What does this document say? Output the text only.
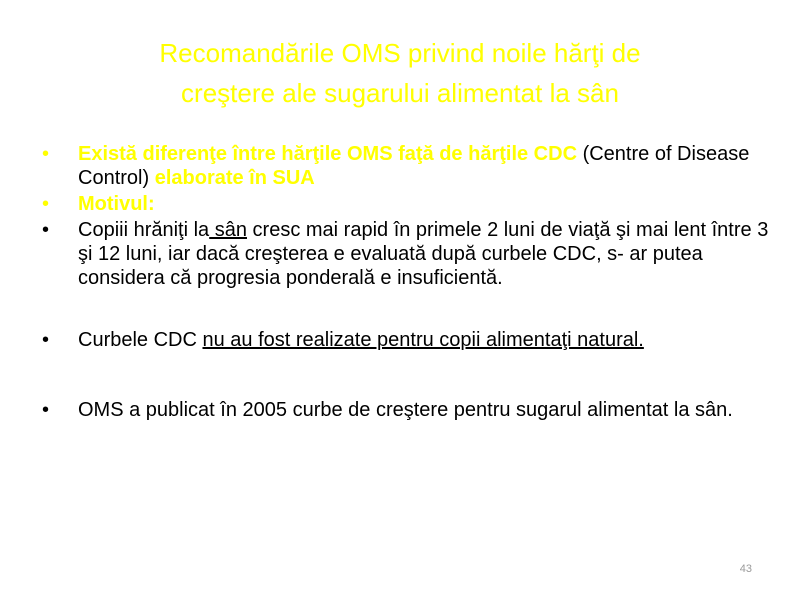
Recomandările OMS privind noile hărţi de
creştere ale sugarului alimentat la sân
• Există diferenţe între hărţile OMS faţă de hărţile CDC (Centre of Disease Control) elaborate în SUA
• Motivul:
• Copiii hrăniţi la sân cresc mai rapid în primele 2 luni de viaţă şi mai lent între 3 şi 12 luni, iar dacă creşterea e evaluată după curbele CDC, s- ar putea considera că progresia ponderală e insuficientă.
• Curbele CDC nu au fost realizate pentru copii alimentaţi natural.
• OMS a publicat în 2005 curbe de creştere pentru sugarul alimentat la sân.
43
